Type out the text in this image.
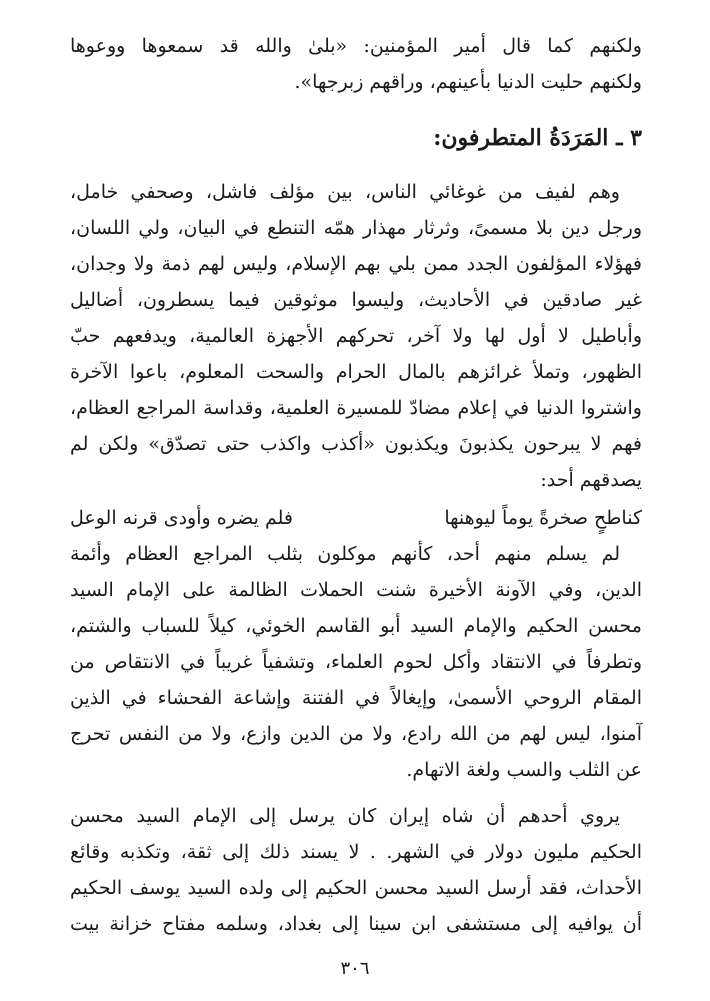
ولكنهم كما قال أمير المؤمنين: «بلىٰ والله قد سمعوها ووعوها
ولكنهم حليت الدنيا بأعينهم، وراقهم زبرجها».
٣ ـ المَرَدَةُ المتطرفون:
وهم لفيف من غوغائي الناس، بين مؤلف فاشل، وصحفي خامل،
ورجل دين بلا مسمىً، وثرثار مهذار همّه التنطع في البيان، ولي اللسان،
فهؤلاء المؤلفون الجدد ممن بلي بهم الإسلام، وليس لهم ذمة ولا وجدان،
غير صادقين في الأحاديث، وليسوا موثوقين فيما يسطرون، أضاليل
وأباطيل لا أول لها ولا آخر، تحركهم الأجهزة العالمية، ويدفعهم حبّ
الظهور، وتملأ غرائزهم بالمال الحرام والسحت المعلوم، باعوا الآخرة
واشتروا الدنيا في إعلام مضادّ للمسيرة العلمية، وقداسة المراجع العظام،
فهم لا يبرحون يكذبونَ ويكذبون «أكذب واكذب حتى تصدّق» ولكن لم
يصدقهم أحد:
كناطحٍ صخرةً يوماً ليوهنها
فلم يضره وأودى قرنه الوعل
لم يسلم منهم أحد، كأنهم موكلون بثلب المراجع العظام وأئمة
الدين، وفي الآونة الأخيرة شنت الحملات الظالمة على الإمام السيد
محسن الحكيم والإمام السيد أبو القاسم الخوئي، كيلاً للسباب والشتم،
وتطرفاً في الانتقاد وأكل لحوم العلماء، وتشفياً غريباً في الانتقاص من
المقام الروحي الأسمىٰ، وإيغالاً في الفتنة وإشاعة الفحشاء في الذين
آمنوا، ليس لهم من الله رادع، ولا من الدين وازع، ولا من النفس تحرج
عن الثلب والسب ولغة الاتهام.
يروي أحدهم أن شاه إيران كان يرسل إلى الإمام السيد محسن
الحكيم مليون دولار في الشهر. . لا يسند ذلك إلى ثقة، وتكذبه وقائع
الأحداث، فقد أرسل السيد محسن الحكيم إلى ولده السيد يوسف الحكيم
أن يوافيه إلى مستشفى ابن سينا إلى بغداد، وسلمه مفتاح خزانة بيت
٣٠٦
